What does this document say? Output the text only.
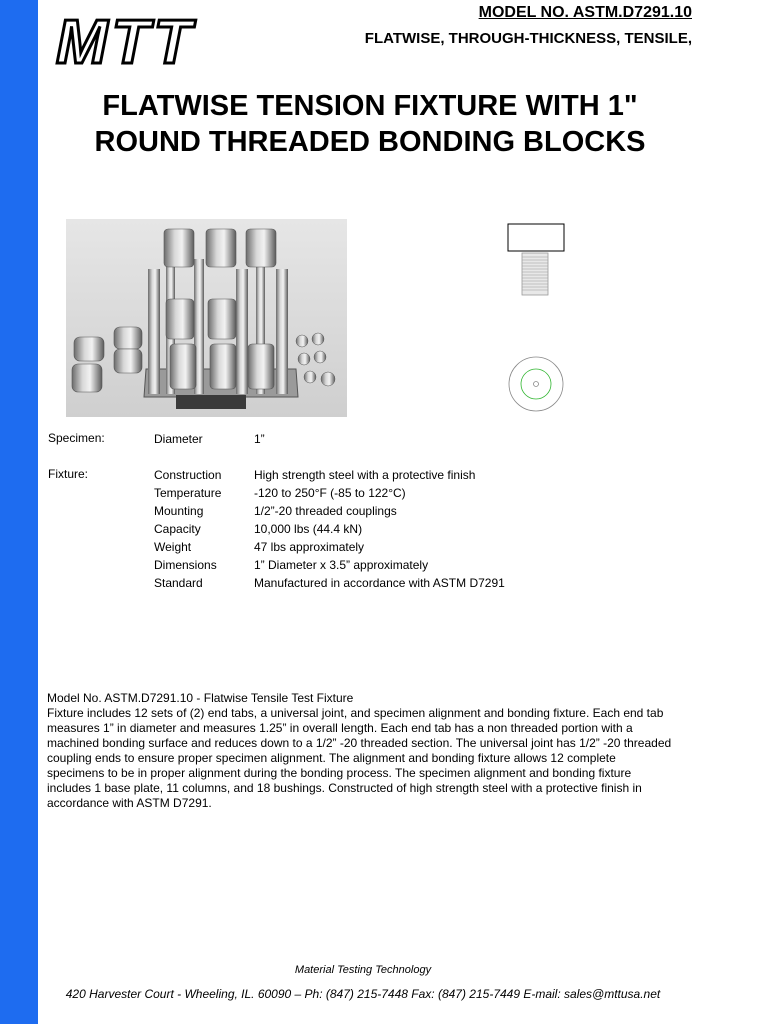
MTT	MODEL NO. ASTM.D7291.10
FLATWISE, THROUGH-THICKNESS, TENSILE,
FLATWISE TENSION FIXTURE WITH 1"
ROUND THREADED BONDING BLOCKS
Specimen:	Diameter	1”
Fixture:	Construction	High strength steel with a protective finish
Temperature	-120 to 250°F (-85 to 122°C)
Mounting	1/2”-20 threaded couplings
Capacity	10,000 lbs (44.4 kN)
Weight	47 lbs approximately
Dimensions	1” Diameter x 3.5” approximately
Standard	Manufactured in accordance with ASTM D7291
Model No. ASTM.D7291.10 - Flatwise Tensile Test Fixture
Fixture includes 12 sets of (2) end tabs, a universal joint, and specimen alignment and bonding fixture. Each end tab
measures 1” in diameter and measures 1.25” in overall length. Each end tab has a non threaded portion with a
machined bonding surface and reduces down to a 1/2” -20 threaded section. The universal joint has 1/2” -20 threaded
coupling ends to ensure proper specimen alignment. The alignment and bonding fixture allows 12 complete
specimens to be in proper alignment during the bonding process. The specimen alignment and bonding fixture
includes 1 base plate, 11 columns, and 18 bushings. Constructed of high strength steel with a protective finish in
accordance with ASTM D7291.
Material Testing Technology
420 Harvester Court - Wheeling, IL. 60090 – Ph: (847) 215-7448 Fax: (847) 215-7449 E-mail: sales@mttusa.net
